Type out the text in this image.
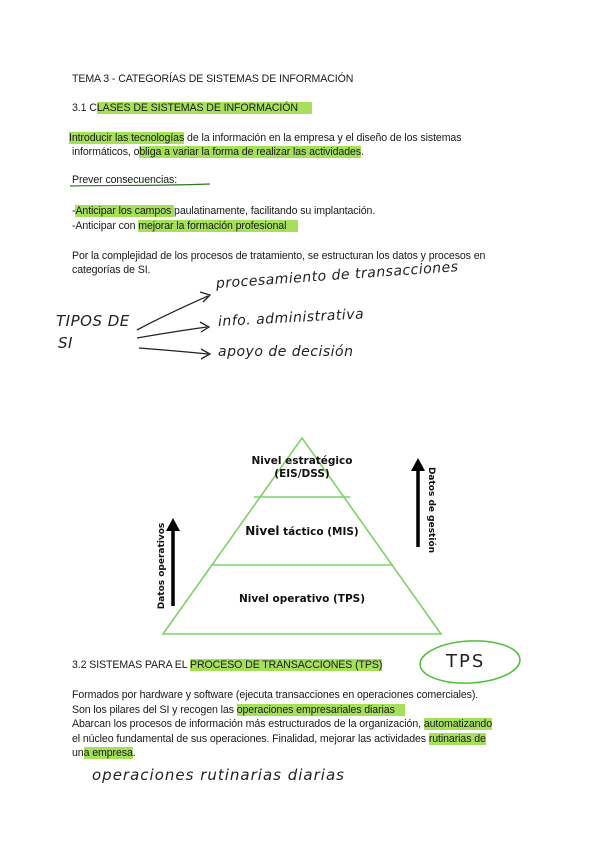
TEMA 3 - CATEGORÍAS DE SISTEMAS DE INFORMACIÓN
3.1 CLASES DE SISTEMAS DE INFORMACIÓN
Introducir las tecnologías de la información en la empresa y el diseño de los sistemas
informáticos, obliga a variar la forma de realizar las actividades.
Prever consecuencias:
-Anticipar los campos paulatinamente, facilitando su implantación.
-Anticipar con mejorar la formación profesional
Por la complejidad de los procesos de tratamiento, se estructuran los datos y procesos en
categorías de SI.
TIPOS DE
SI
procesamiento de transacciones
info. administrativa
apoyo de decisión
Nivel estratégico
(EIS/DSS)
Nivel táctico (MIS)
Nivel operativo (TPS)
Datos operativos
Datos de gestión
TPS
3.2 SISTEMAS PARA EL PROCESO DE TRANSACCIONES (TPS)
Formados por hardware y software (ejecuta transacciones en operaciones comerciales).
Son los pilares del SI y recogen las operaciones empresariales diarias
Abarcan los procesos de información más estructurados de la organización, automatizando
el núcleo fundamental de sus operaciones. Finalidad, mejorar las actividades rutinarias de
una empresa.
operaciones rutinarias diarias
